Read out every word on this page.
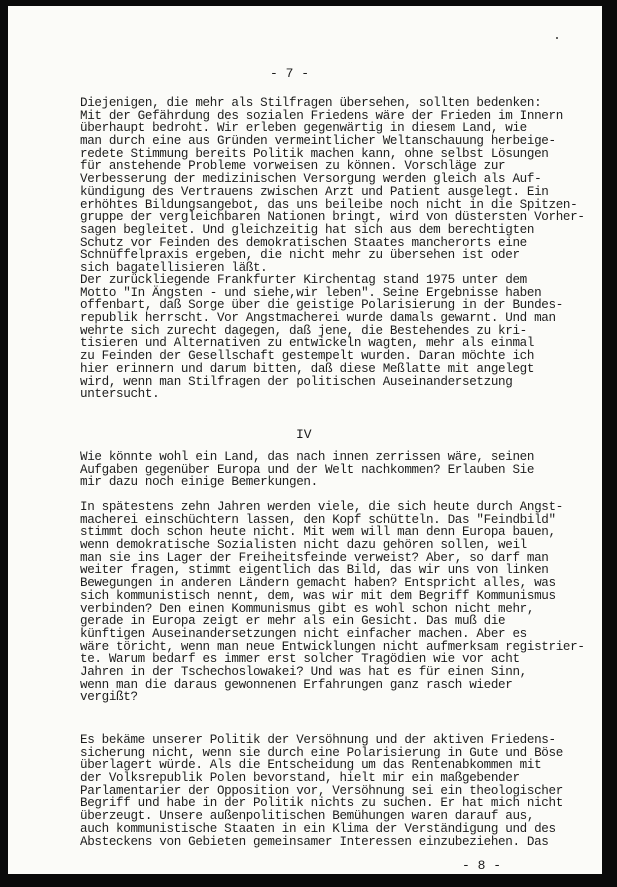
- 7 -
Diejenigen, die mehr als Stilfragen übersehen, sollten bedenken:
Mit der Gefährdung des sozialen Friedens wäre der Frieden im Innern
überhaupt bedroht. Wir erleben gegenwärtig in diesem Land, wie
man durch eine aus Gründen vermeintlicher Weltanschauung herbeige-
redete Stimmung bereits Politik machen kann, ohne selbst Lösungen
für anstehende Probleme vorweisen zu können. Vorschläge zur
Verbesserung der medizinischen Versorgung werden gleich als Auf-
kündigung des Vertrauens zwischen Arzt und Patient ausgelegt. Ein
erhöhtes Bildungsangebot, das uns beileibe noch nicht in die Spitzen-
gruppe der vergleichbaren Nationen bringt, wird von düstersten Vorher-
sagen begleitet. Und gleichzeitig hat sich aus dem berechtigten
Schutz vor Feinden des demokratischen Staates mancherorts eine
Schnüffelpraxis ergeben, die nicht mehr zu übersehen ist oder
sich bagatellisieren läßt.
Der zurückliegende Frankfurter Kirchentag stand 1975 unter dem
Motto "In Ängsten - und siehe,wir leben". Seine Ergebnisse haben
offenbart, daß Sorge über die geistige Polarisierung in der Bundes-
republik herrscht. Vor Angstmacherei wurde damals gewarnt. Und man
wehrte sich zurecht dagegen, daß jene, die Bestehendes zu kri-
tisieren und Alternativen zu entwickeln wagten, mehr als einmal
zu Feinden der Gesellschaft gestempelt wurden. Daran möchte ich
hier erinnern und darum bitten, daß diese Meßlatte mit angelegt
wird, wenn man Stilfragen der politischen Auseinandersetzung
untersucht.
IV
Wie könnte wohl ein Land, das nach innen zerrissen wäre, seinen
Aufgaben gegenüber Europa und der Welt nachkommen? Erlauben Sie
mir dazu noch einige Bemerkungen.
In spätestens zehn Jahren werden viele, die sich heute durch Angst-
macherei einschüchtern lassen, den Kopf schütteln. Das "Feindbild"
stimmt doch schon heute nicht. Mit wem will man denn Europa bauen,
wenn demokratische Sozialisten nicht dazu gehören sollen, weil
man sie ins Lager der Freiheitsfeinde verweist? Aber, so darf man
weiter fragen, stimmt eigentlich das Bild, das wir uns von linken
Bewegungen in anderen Ländern gemacht haben? Entspricht alles, was
sich kommunistisch nennt, dem, was wir mit dem Begriff Kommunismus
verbinden? Den einen Kommunismus gibt es wohl schon nicht mehr,
gerade in Europa zeigt er mehr als ein Gesicht. Das muß die
künftigen Auseinandersetzungen nicht einfacher machen. Aber es
wäre töricht, wenn man neue Entwicklungen nicht aufmerksam registrier-
te. Warum bedarf es immer erst solcher Tragödien wie vor acht
Jahren in der Tschechoslowakei? Und was hat es für einen Sinn,
wenn man die daraus gewonnenen Erfahrungen ganz rasch wieder
vergißt?
Es bekäme unserer Politik der Versöhnung und der aktiven Friedens-
sicherung nicht, wenn sie durch eine Polarisierung in Gute und Böse
überlagert würde. Als die Entscheidung um das Rentenabkommen mit
der Volksrepublik Polen bevorstand, hielt mir ein maßgebender
Parlamentarier der Opposition vor, Versöhnung sei ein theologischer
Begriff und habe in der Politik nichts zu suchen. Er hat mich nicht
überzeugt. Unsere außenpolitischen Bemühungen waren darauf aus,
auch kommunistische Staaten in ein Klima der Verständigung und des
Absteckens von Gebieten gemeinsamer Interessen einzubeziehen. Das
- 8 -
